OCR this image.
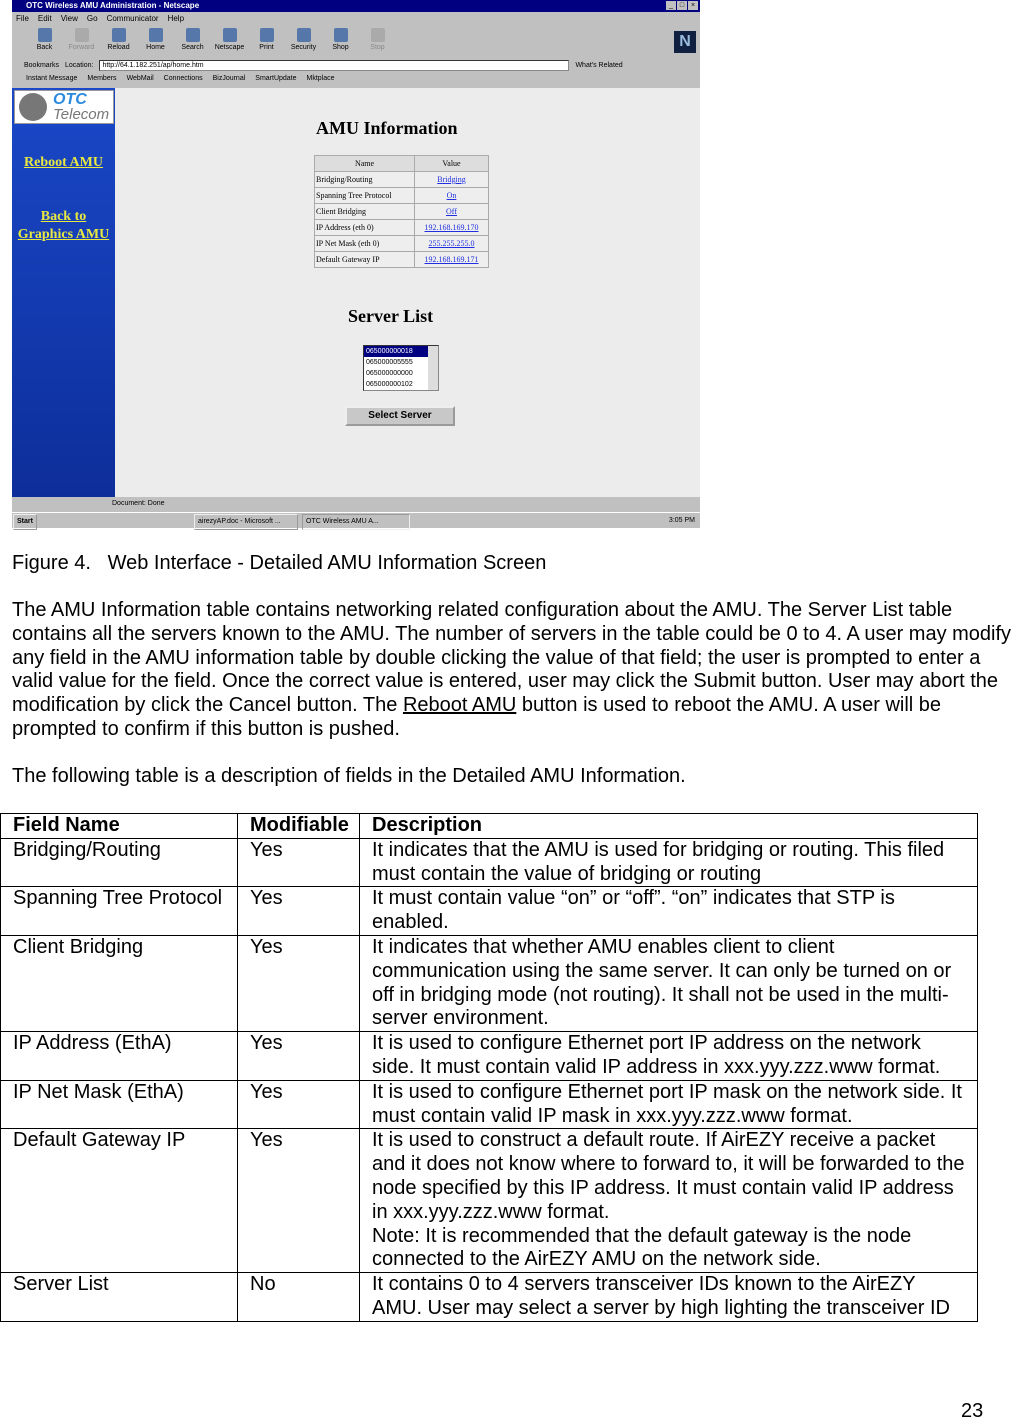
OTC Wireless AMU Administration - Netscape	_ □ ×
File Edit View Go Communicator Help
Back	Forward	Reload	Home	Search	Netscape	Print	Security	Shop	Stop	N
Bookmarks Location:	http://64.1.182.251/ap/home.htm	What's Related
Instant Message Members WebMail Connections BizJournal SmartUpdate Mktplace
OTC
Telecom
Reboot AMU
Back to Graphics AMU
AMU Information
Name	Value
Bridging/Routing	Bridging
Spanning Tree Protocol	On
Client Bridging	Off
IP Address (eth 0)	192.168.169.170
IP Net Mask (eth 0)	255.255.255.0
Default Gateway IP	192.168.169.171
Server List
065000000018
065000005555
065000000000
065000000102
Select Server
Document: Done
Start	airezyAP.doc - Microsoft ...	OTC Wireless AMU A...	3:05 PM
Figure 4.   Web Interface - Detailed AMU Information Screen
The AMU Information table contains networking related configuration about the AMU. The Server List table contains all the servers known to the AMU. The number of servers in the table could be 0 to 4. A user may modify any field in the AMU information table by double clicking the value of that field; the user is prompted to enter a valid value for the field. Once the correct value is entered, user may click the Submit button. User may abort the modification by click the Cancel button. The Reboot AMU button is used to reboot the AMU. A user will be prompted to confirm if this button is pushed.
The following table is a description of fields in the Detailed AMU Information.
Field Name	Modifiable	Description
Bridging/Routing	Yes	It indicates that the AMU is used for bridging or routing. This filed must contain the value of bridging or routing
Spanning Tree Protocol	Yes	It must contain value “on” or “off”. “on” indicates that STP is enabled.
Client Bridging	Yes	It indicates that whether AMU enables client to client communication using the same server. It can only be turned on or off in bridging mode (not routing). It shall not be used in the multi-server environment.
IP Address (EthA)	Yes	It is used to configure Ethernet port IP address on the network side. It must contain valid IP address in xxx.yyy.zzz.www format.
IP Net Mask (EthA)	Yes	It is used to configure Ethernet port IP mask on the network side. It must contain valid IP mask in xxx.yyy.zzz.www format.
Default Gateway IP	Yes	It is used to construct a default route. If AirEZY receive a packet and it does not know where to forward to, it will be forwarded to the node specified by this IP address. It must contain valid IP address in xxx.yyy.zzz.www format.
Note: It is recommended that the default gateway is the node connected to the AirEZY AMU on the network side.
Server List	No	It contains 0 to 4 servers transceiver IDs known to the AirEZY AMU. User may select a server by high lighting the transceiver ID
23
